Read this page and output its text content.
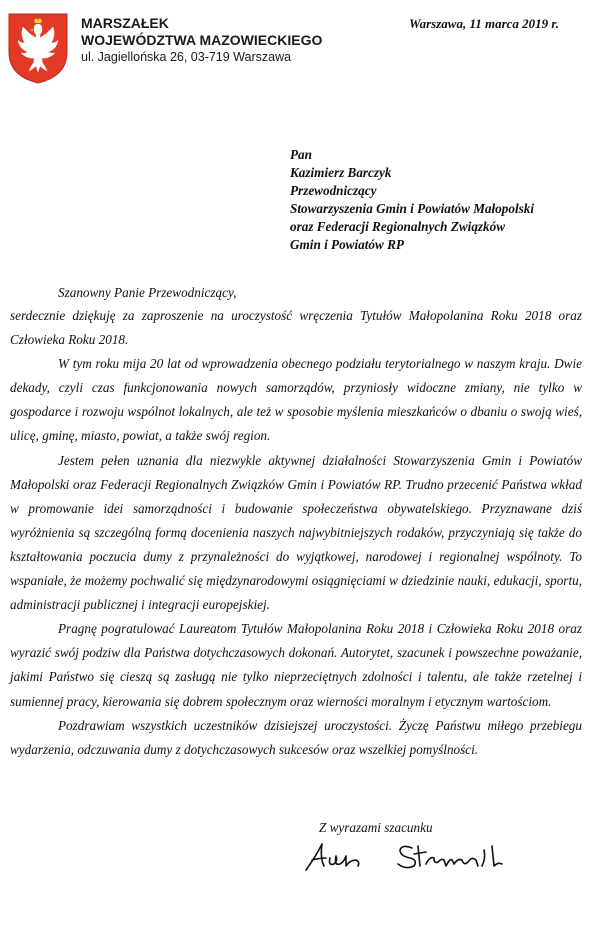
MARSZAŁEK
WOJEWÓDZTWA MAZOWIECKIEGO
ul. Jagiellońska 26, 03-719 Warszawa
Warszawa, 11 marca 2019 r.
Pan
Kazimierz Barczyk
Przewodniczący
Stowarzyszenia Gmin i Powiatów Małopolski
oraz Federacji Regionalnych Związków
Gmin i Powiatów RP
Szanowny Panie Przewodniczący,

serdecznie dziękuję za zaproszenie na uroczystość wręczenia Tytułów Małopolanina Roku 2018 oraz Człowieka Roku 2018.

W tym roku mija 20 lat od wprowadzenia obecnego podziału terytorialnego w naszym kraju. Dwie dekady, czyli czas funkcjonowania nowych samorządów, przyniosły widoczne zmiany, nie tylko w gospodarce i rozwoju wspólnot lokalnych, ale też w sposobie myślenia mieszkańców o dbaniu o swoją wieś, ulicę, gminę, miasto, powiat, a także swój region.

Jestem pełen uznania dla niezwykle aktywnej działalności Stowarzyszenia Gmin i Powiatów Małopolski oraz Federacji Regionalnych Związków Gmin i Powiatów RP. Trudno przecenić Państwa wkład w promowanie idei samorządności i budowanie społeczeństwa obywatelskiego. Przyznawane dziś wyróżnienia są szczególną formą docenienia naszych najwybitniejszych rodaków, przyczyniają się także do kształtowania poczucia dumy z przynależności do wyjątkowej, narodowej i regionalnej wspólnoty. To wspaniałe, że możemy pochwalić się międzynarodowymi osiągnięciami w dziedzinie nauki, edukacji, sportu, administracji publicznej i integracji europejskiej.

Pragnę pogratulować Laureatom Tytułów Małopolanina Roku 2018 i Człowieka Roku 2018 oraz wyrazić swój podziw dla Państwa dotychczasowych dokonań. Autorytet, szacunek i powszechne poważanie, jakimi Państwo się cieszą są zasługą nie tylko nieprzeciętnych zdolności i talentu, ale także rzetelnej i sumiennej pracy, kierowania się dobrem społecznym oraz wierności moralnym i etycznym wartościom.

Pozdrawiam wszystkich uczestników dzisiejszej uroczystości. Życzę Państwu miłego przebiegu wydarzenia, odczuwania dumy z dotychczasowych sukcesów oraz wszelkiej pomyślności.

Z wyrazami szacunku
